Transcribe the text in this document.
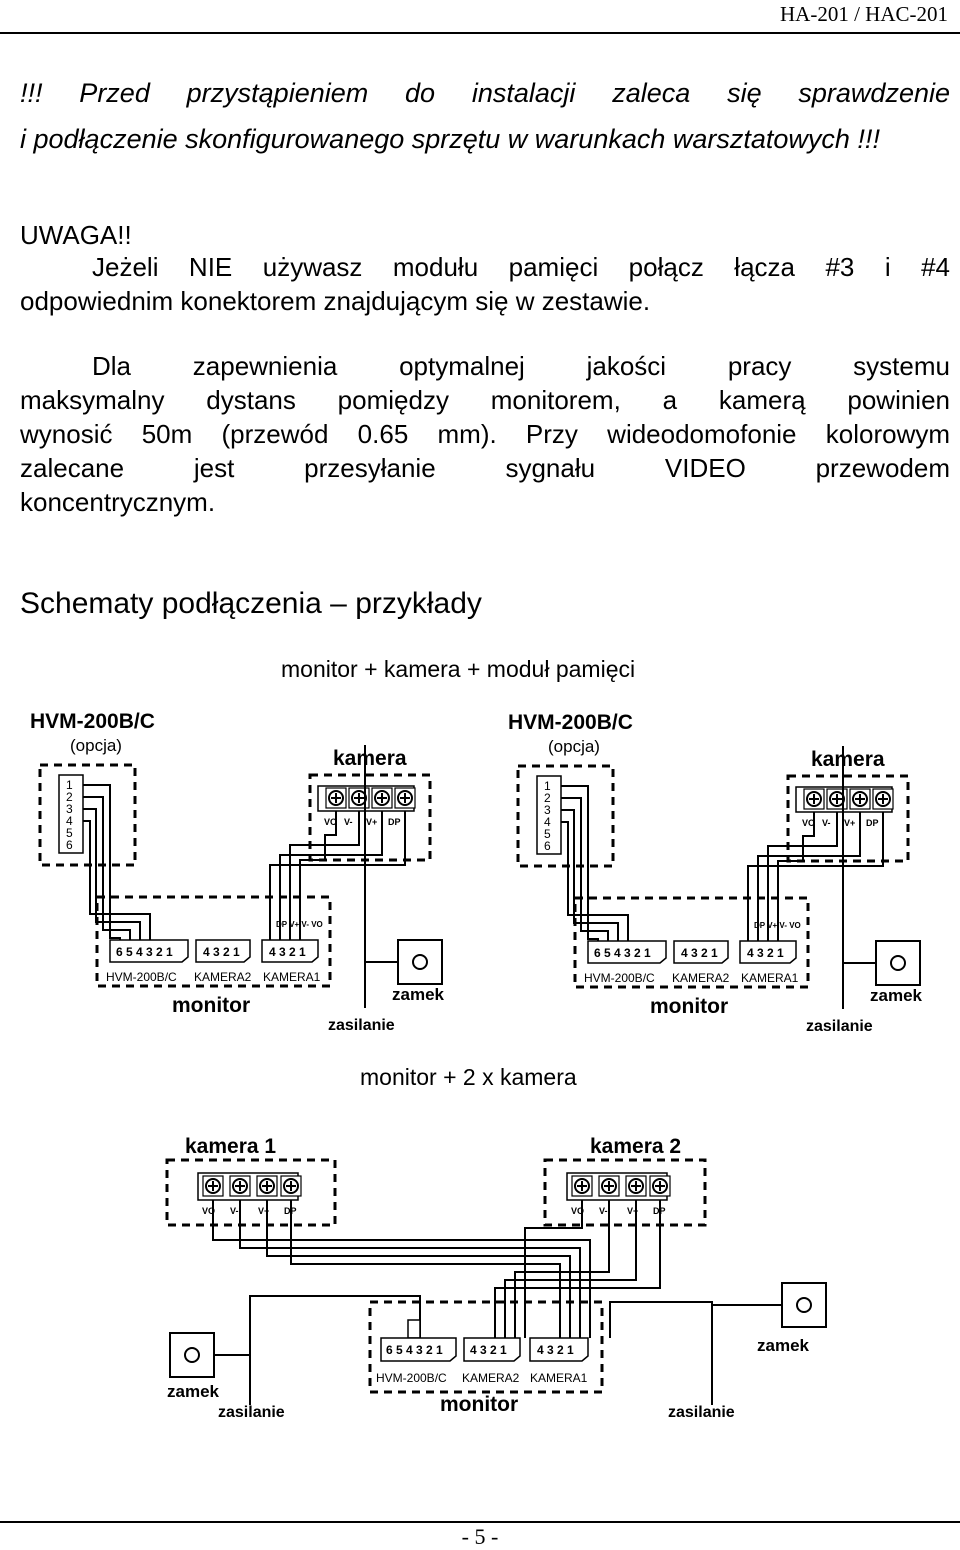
HA-201 / HAC-201
!!! Przed przystąpieniem do instalacji zaleca się sprawdzenie
i podłączenie skonfigurowanego sprzętu w warunkach warsztatowych !!!
UWAGA!!
Jeżeli NIE używasz modułu pamięci połącz łącza #3 i #4
odpowiednim konektorem znajdującym się w zestawie.
Dla zapewnienia optymalnej jakości pracy systemu
maksymalny dystans pomiędzy monitorem, a kamerą powinien
wynosić 50m (przewód 0.65 mm). Przy wideodomofonie kolorowym
zalecane jest przesyłanie sygnału VIDEO przewodem
koncentrycznym.
Schematy podłączenia – przykłady
monitor + kamera + moduł pamięci
monitor + 2 x kamera
HVM-200B/C
(opcja)
1
2
3
4
5
6
kamera
VO V- V+ DP
6 5 4 3 2 1	4 3 2 1 4 3 2 1
DP V+ V- VO
HVM-200B/C KAMERA2 KAMERA1
monitor	zamek
zasilanie
HVM-200B/C
(opcja)
1
2
3
4
5
6
kamera
VO V- V+ DP
6 5 4 3 2 1	4 3 2 1 4 3 2 1
DP V+ V- VO
HVM-200B/C KAMERA2 KAMERA1
monitor	zamek
zasilanie
kamera 1
VO V- V+ DP
kamera 2
VO V- V+ DP
6 5 4 3 2 1 4 3 2 1	4 3 2 1
HVM-200B/C KAMERA2 KAMERA1
monitor
zamek
zasilanie
zamek
zasilanie
- 5 -
